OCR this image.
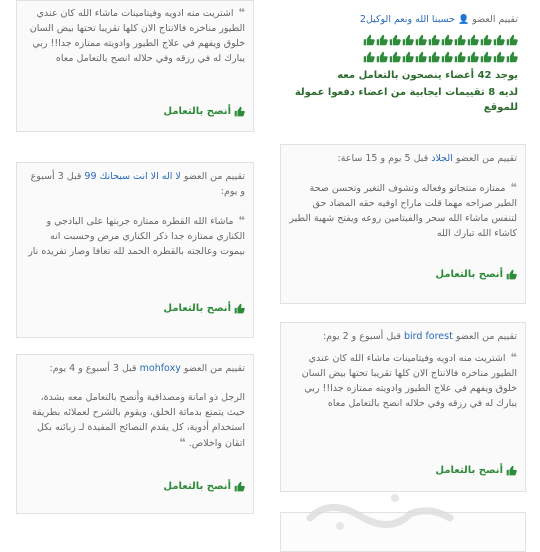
تقييم العضو 👤 حسبنا الله ونعم الوكيل2
يوجد 42 أعضاء ينصحون بالتعامل معه
لديه 8 تقييمات ايجابية من اعضاء دفعوا عمولة للموقع
❝ اشتريت منه ادويه وفيتامينات ماشاء الله كان عندي الطيور مناخره فالانتاج الان كلها تقريبا تحتها بيض السان خلوق ويفهم في علاج الطيور وادويته ممتازه جدا!! ربي يبارك له في رزقه وفي حلاله انصح بالتعامل معاه
أنصح بالتعامل
تقييم من العضو الجلاد قبل 5 يوم و 15 ساعة:
❝ ممتازه منتجاتو وفعاله وتشوف التغير وتحسن صحة الطير صراحه مهما قلت ماراح اوفيه حقه المضاد حق لتنفس ماشاء الله سحر والفيتامين روعه ويفتح شهية الطير كاشاء الله تبارك الله
أنصح بالتعامل
تقييم من العضو لا اله الا انت سبحانك 99 قبل 3 أسبوع و يوم:
❝ ماشاء الله القطره ممتازه جربتها على البادجي و الكناري ممتازه جدا ذكر الكناري مرض وحسبت انه بيموت وعالجته بالقطره الحمد لله تعافا وصار تفريده نار
أنصح بالتعامل
تقييم من العضو bird forest قبل أسبوع و 2 يوم:
❝ اشتريت منه ادويه وفيتامينات ماشاء الله كان عندي الطيور مناخره فالانتاج الان كلها تقريبا تحتها بيض السان خلوق ويفهم في علاج الطيور وادويته ممتازه جدا!! ربي يبارك له في رزقه وفي حلاله انصح بالتعامل معاه
أنصح بالتعامل
تقييم من العضو mohfoxy قبل 3 أسبوع و 4 يوم:
الرجل ذو امانة ومصداقية وأنصح بالتعامل معه بشدة، حيث يتمتع بدماثة الخلق، ويقوم بالشرح لعملائه بطريقة استخدام أدوية، كل يقدم النصائح المفيدة لـ زبائنه بكل اتقان واخلاص. ❝
أنصح بالتعامل
